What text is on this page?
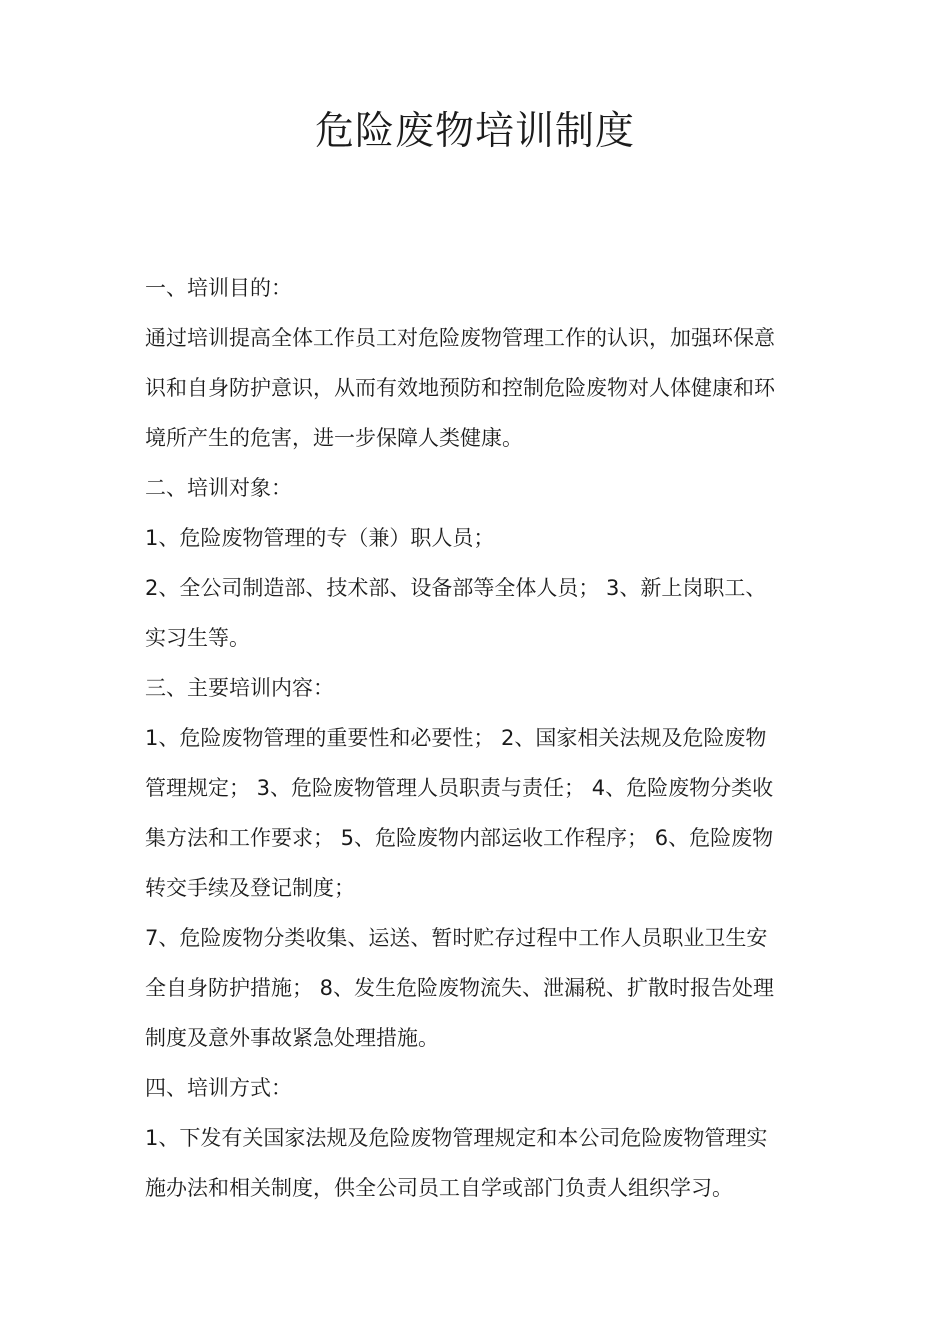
危险废物培训制度
一、培训目的：
通过培训提高全体工作员工对危险废物管理工作的认识，加强环保意
识和自身防护意识，从而有效地预防和控制危险废物对人体健康和环
境所产生的危害，进一步保障人类健康。
二、培训对象：
1、危险废物管理的专（兼）职人员；
2、全公司制造部、技术部、设备部等全体人员； 3、新上岗职工、
实习生等。
三、主要培训内容：
1、危险废物管理的重要性和必要性； 2、国家相关法规及危险废物
管理规定； 3、危险废物管理人员职责与责任； 4、危险废物分类收
集方法和工作要求； 5、危险废物内部运收工作程序； 6、危险废物
转交手续及登记制度；
7、危险废物分类收集、运送、暂时贮存过程中工作人员职业卫生安
全自身防护措施； 8、发生危险废物流失、泄漏税、扩散时报告处理
制度及意外事故紧急处理措施。
四、培训方式：
1、下发有关国家法规及危险废物管理规定和本公司危险废物管理实
施办法和相关制度，供全公司员工自学或部门负责人组织学习。
